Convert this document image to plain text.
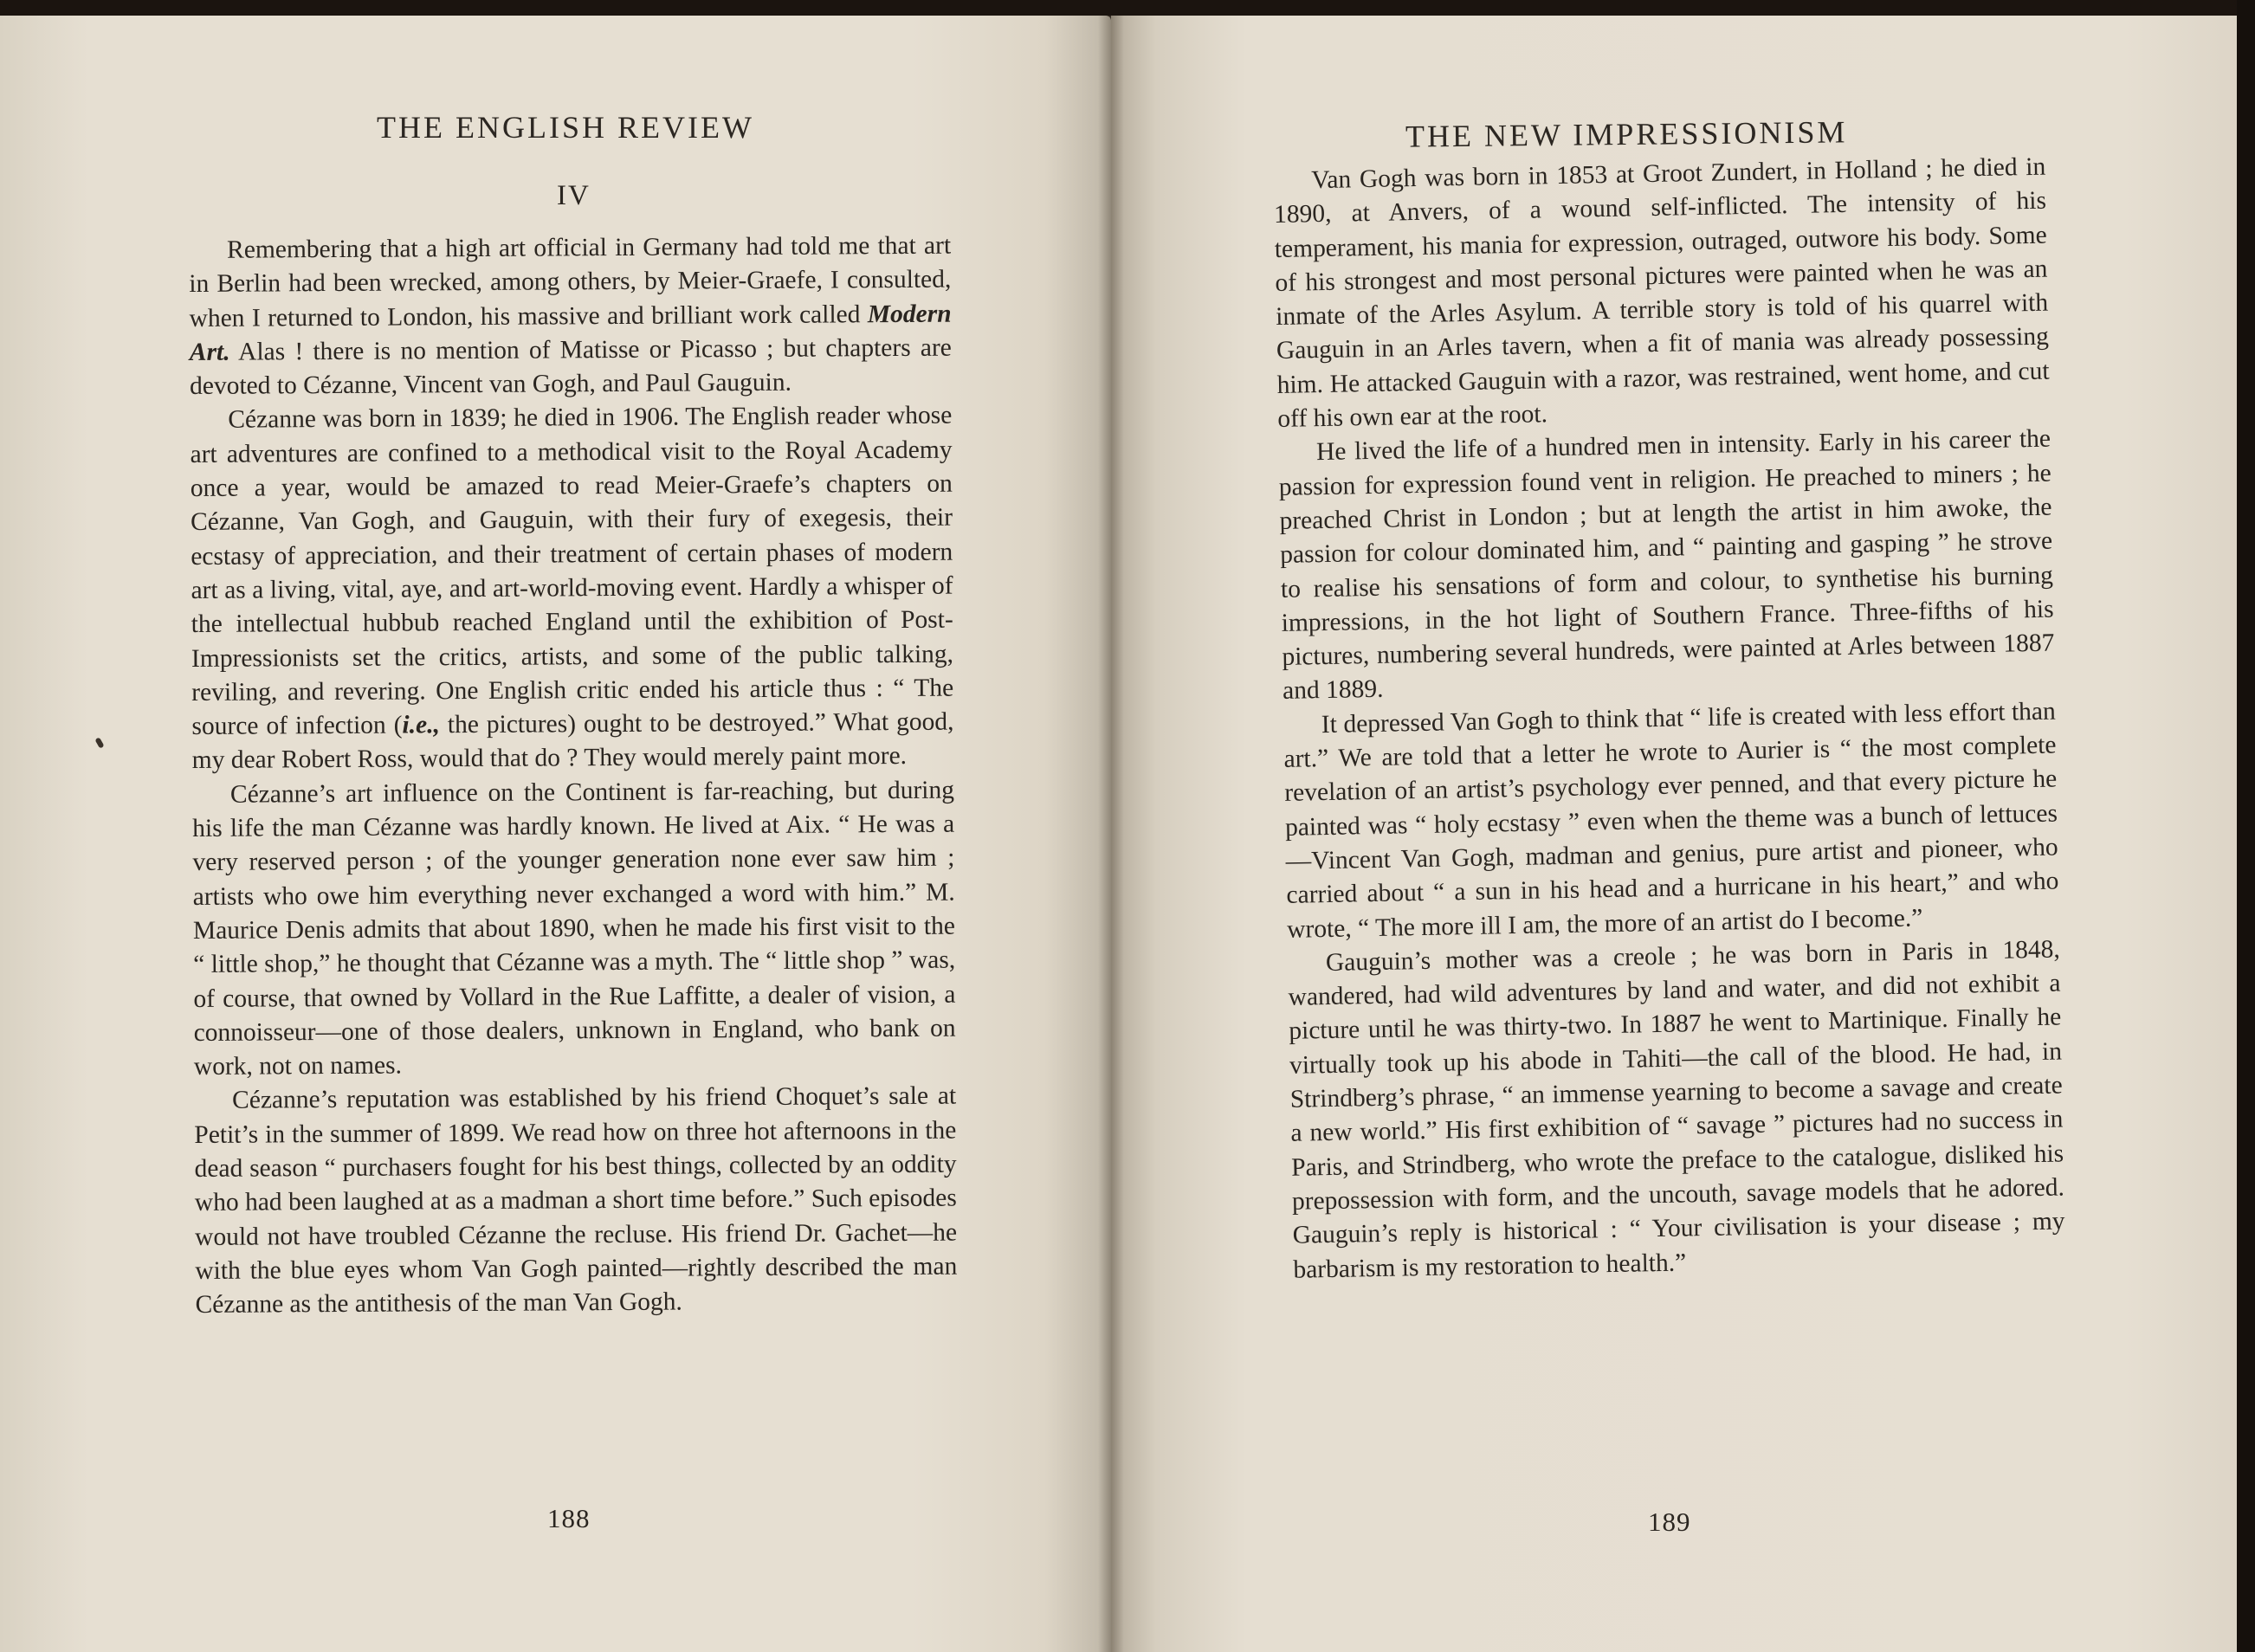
THE ENGLISH REVIEW
IV

Remembering that a high art official in Germany had told me that art in Berlin had been wrecked, among others, by Meier-Graefe, I consulted, when I returned to London, his massive and brilliant work called Modern Art. Alas ! there is no mention of Matisse or Picasso ; but chapters are devoted to Cézanne, Vincent van Gogh, and Paul Gauguin.

Cézanne was born in 1839; he died in 1906. The English reader whose art adventures are confined to a methodical visit to the Royal Academy once a year, would be amazed to read Meier-Graefe’s chapters on Cézanne, Van Gogh, and Gauguin, with their fury of exegesis, their ecstasy of appreciation, and their treatment of certain phases of modern art as a living, vital, aye, and art-world-moving event. Hardly a whisper of the intellectual hubbub reached England until the exhibition of Post-Impressionists set the critics, artists, and some of the public talking, reviling, and revering. One English critic ended his article thus : “ The source of infection (i.e., the pictures) ought to be destroyed.” What good, my dear Robert Ross, would that do ? They would merely paint more.

Cézanne’s art influence on the Continent is far-reaching, but during his life the man Cézanne was hardly known. He lived at Aix. “ He was a very reserved person ; of the younger generation none ever saw him ; artists who owe him everything never exchanged a word with him.” M. Maurice Denis admits that about 1890, when he made his first visit to the “ little shop,” he thought that Cézanne was a myth. The “ little shop ” was, of course, that owned by Vollard in the Rue Laffitte, a dealer of vision, a connoisseur—one of those dealers, unknown in England, who bank on work, not on names.

Cézanne’s reputation was established by his friend Choquet’s sale at Petit’s in the summer of 1899. We read how on three hot afternoons in the dead season “ purchasers fought for his best things, collected by an oddity who had been laughed at as a madman a short time before.” Such episodes would not have troubled Cézanne the recluse. His friend Dr. Gachet—he with the blue eyes whom Van Gogh painted—rightly described the man Cézanne as the antithesis of the man Van Gogh.

188
THE NEW IMPRESSIONISM
189

Van Gogh was born in 1853 at Groot Zundert, in Holland ; he died in 1890, at Anvers, of a wound self-inflicted. The intensity of his temperament, his mania for expression, outraged, outwore his body. Some of his strongest and most personal pictures were painted when he was an inmate of the Arles Asylum. A terrible story is told of his quarrel with Gauguin in an Arles tavern, when a fit of mania was already possessing him. He attacked Gauguin with a razor, was restrained, went home, and cut off his own ear at the root.

He lived the life of a hundred men in intensity. Early in his career the passion for expression found vent in religion. He preached to miners ; he preached Christ in London ; but at length the artist in him awoke, the passion for colour dominated him, and “ painting and gasping ” he strove to realise his sensations of form and colour, to synthetise his burning impressions, in the hot light of Southern France. Three-fifths of his pictures, numbering several hundreds, were painted at Arles between 1887 and 1889.

It depressed Van Gogh to think that “ life is created with less effort than art.” We are told that a letter he wrote to Aurier is “ the most complete revelation of an artist’s psychology ever penned, and that every picture he painted was “ holy ecstasy ” even when the theme was a bunch of lettuces—Vincent Van Gogh, madman and genius, pure artist and pioneer, who carried about “ a sun in his head and a hurricane in his heart,” and who wrote, “ The more ill I am, the more of an artist do I become.”

Gauguin’s mother was a creole ; he was born in Paris in 1848, wandered, had wild adventures by land and water, and did not exhibit a picture until he was thirty-two. In 1887 he went to Martinique. Finally he virtually took up his abode in Tahiti—the call of the blood. He had, in Strindberg’s phrase, “ an immense yearning to become a savage and create a new world.” His first exhibition of “ savage ” pictures had no success in Paris, and Strindberg, who wrote the preface to the catalogue, disliked his prepossession with form, and the uncouth, savage models that he adored. Gauguin’s reply is historical : “ Your civilisation is your disease ; my barbarism is my restoration to health.”
